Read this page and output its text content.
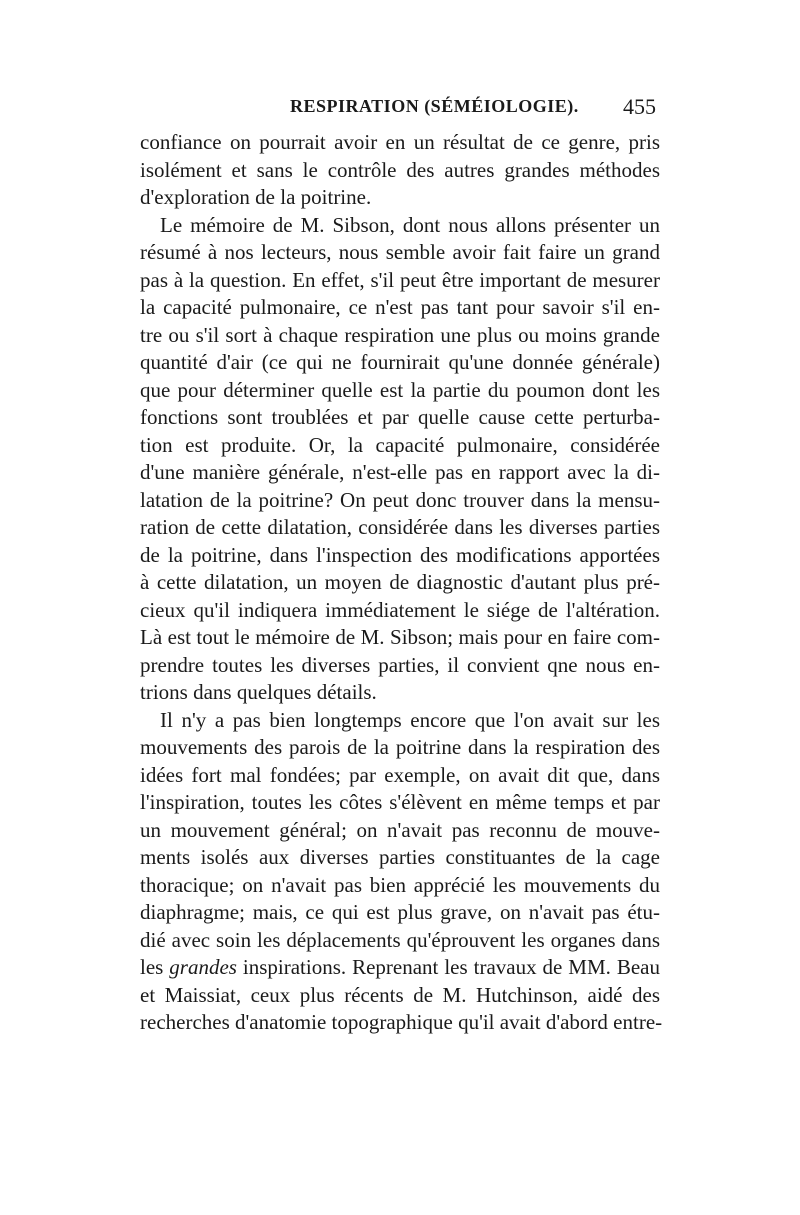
RESPIRATION (SÉMÉIOLOGIE). 455
confiance on pourrait avoir en un résultat de ce genre, pris
isolément et sans le contrôle des autres grandes méthodes
d'exploration de la poitrine.
Le mémoire de M. Sibson, dont nous allons présenter un
résumé à nos lecteurs, nous semble avoir fait faire un grand
pas à la question. En effet, s'il peut être important de mesurer
la capacité pulmonaire, ce n'est pas tant pour savoir s'il en-
tre ou s'il sort à chaque respiration une plus ou moins grande
quantité d'air (ce qui ne fournirait qu'une donnée générale)
que pour déterminer quelle est la partie du poumon dont les
fonctions sont troublées et par quelle cause cette perturba-
tion est produite. Or, la capacité pulmonaire, considérée
d'une manière générale, n'est-elle pas en rapport avec la di-
latation de la poitrine? On peut donc trouver dans la mensu-
ration de cette dilatation, considérée dans les diverses parties
de la poitrine, dans l'inspection des modifications apportées
à cette dilatation, un moyen de diagnostic d'autant plus pré-
cieux qu'il indiquera immédiatement le siége de l'altération.
Là est tout le mémoire de M. Sibson; mais pour en faire com-
prendre toutes les diverses parties, il convient qne nous en-
trions dans quelques détails.
Il n'y a pas bien longtemps encore que l'on avait sur les
mouvements des parois de la poitrine dans la respiration des
idées fort mal fondées; par exemple, on avait dit que, dans
l'inspiration, toutes les côtes s'élèvent en même temps et par
un mouvement général; on n'avait pas reconnu de mouve-
ments isolés aux diverses parties constituantes de la cage
thoracique; on n'avait pas bien apprécié les mouvements du
diaphragme; mais, ce qui est plus grave, on n'avait pas étu-
dié avec soin les déplacements qu'éprouvent les organes dans
les grandes inspirations. Reprenant les travaux de MM. Beau
et Maissiat, ceux plus récents de M. Hutchinson, aidé des
recherches d'anatomie topographique qu'il avait d'abord entre-
